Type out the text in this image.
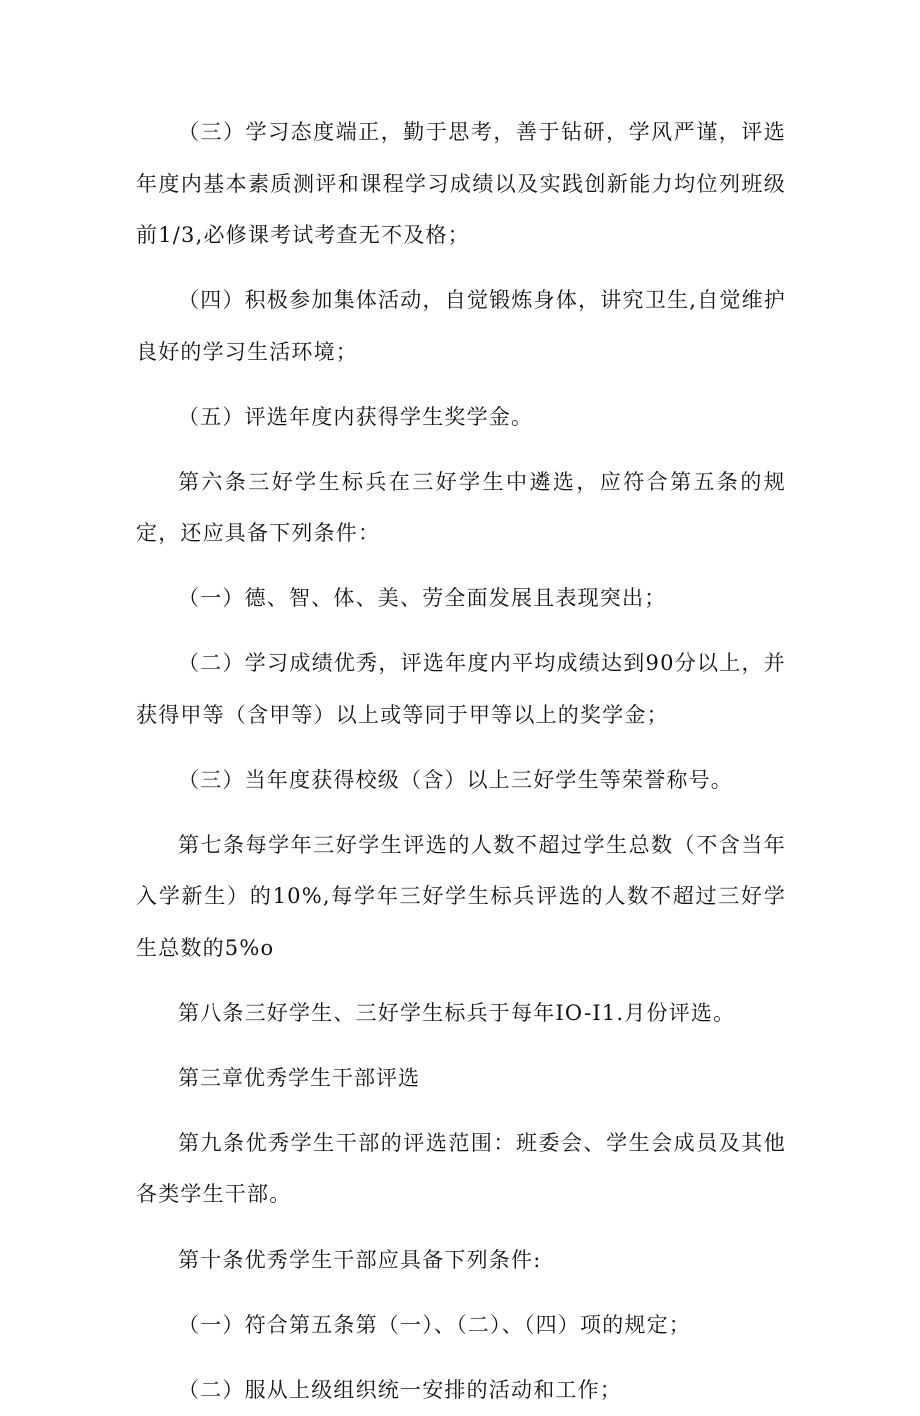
（三）学习态度端正，勤于思考，善于钻研，学风严谨，评选年度内基本素质测评和课程学习成绩以及实践创新能力均位列班级前1/3,必修课考试考查无不及格；

（四）积极参加集体活动，自觉锻炼身体，讲究卫生,自觉维护良好的学习生活环境；

（五）评选年度内获得学生奖学金。

第六条三好学生标兵在三好学生中遴选，应符合第五条的规定，还应具备下列条件：

（一）德、智、体、美、劳全面发展且表现突出；

（二）学习成绩优秀，评选年度内平均成绩达到90分以上，并获得甲等（含甲等）以上或等同于甲等以上的奖学金；

（三）当年度获得校级（含）以上三好学生等荣誉称号。

第七条每学年三好学生评选的人数不超过学生总数（不含当年入学新生）的10%,每学年三好学生标兵评选的人数不超过三好学生总数的5%o

第八条三好学生、三好学生标兵于每年IO-I1.月份评选。

第三章优秀学生干部评选

第九条优秀学生干部的评选范围：班委会、学生会成员及其他各类学生干部。

第十条优秀学生干部应具备下列条件:

（一）符合第五条第（一）、（二）、（四）项的规定；

（二）服从上级组织统一安排的活动和工作；
